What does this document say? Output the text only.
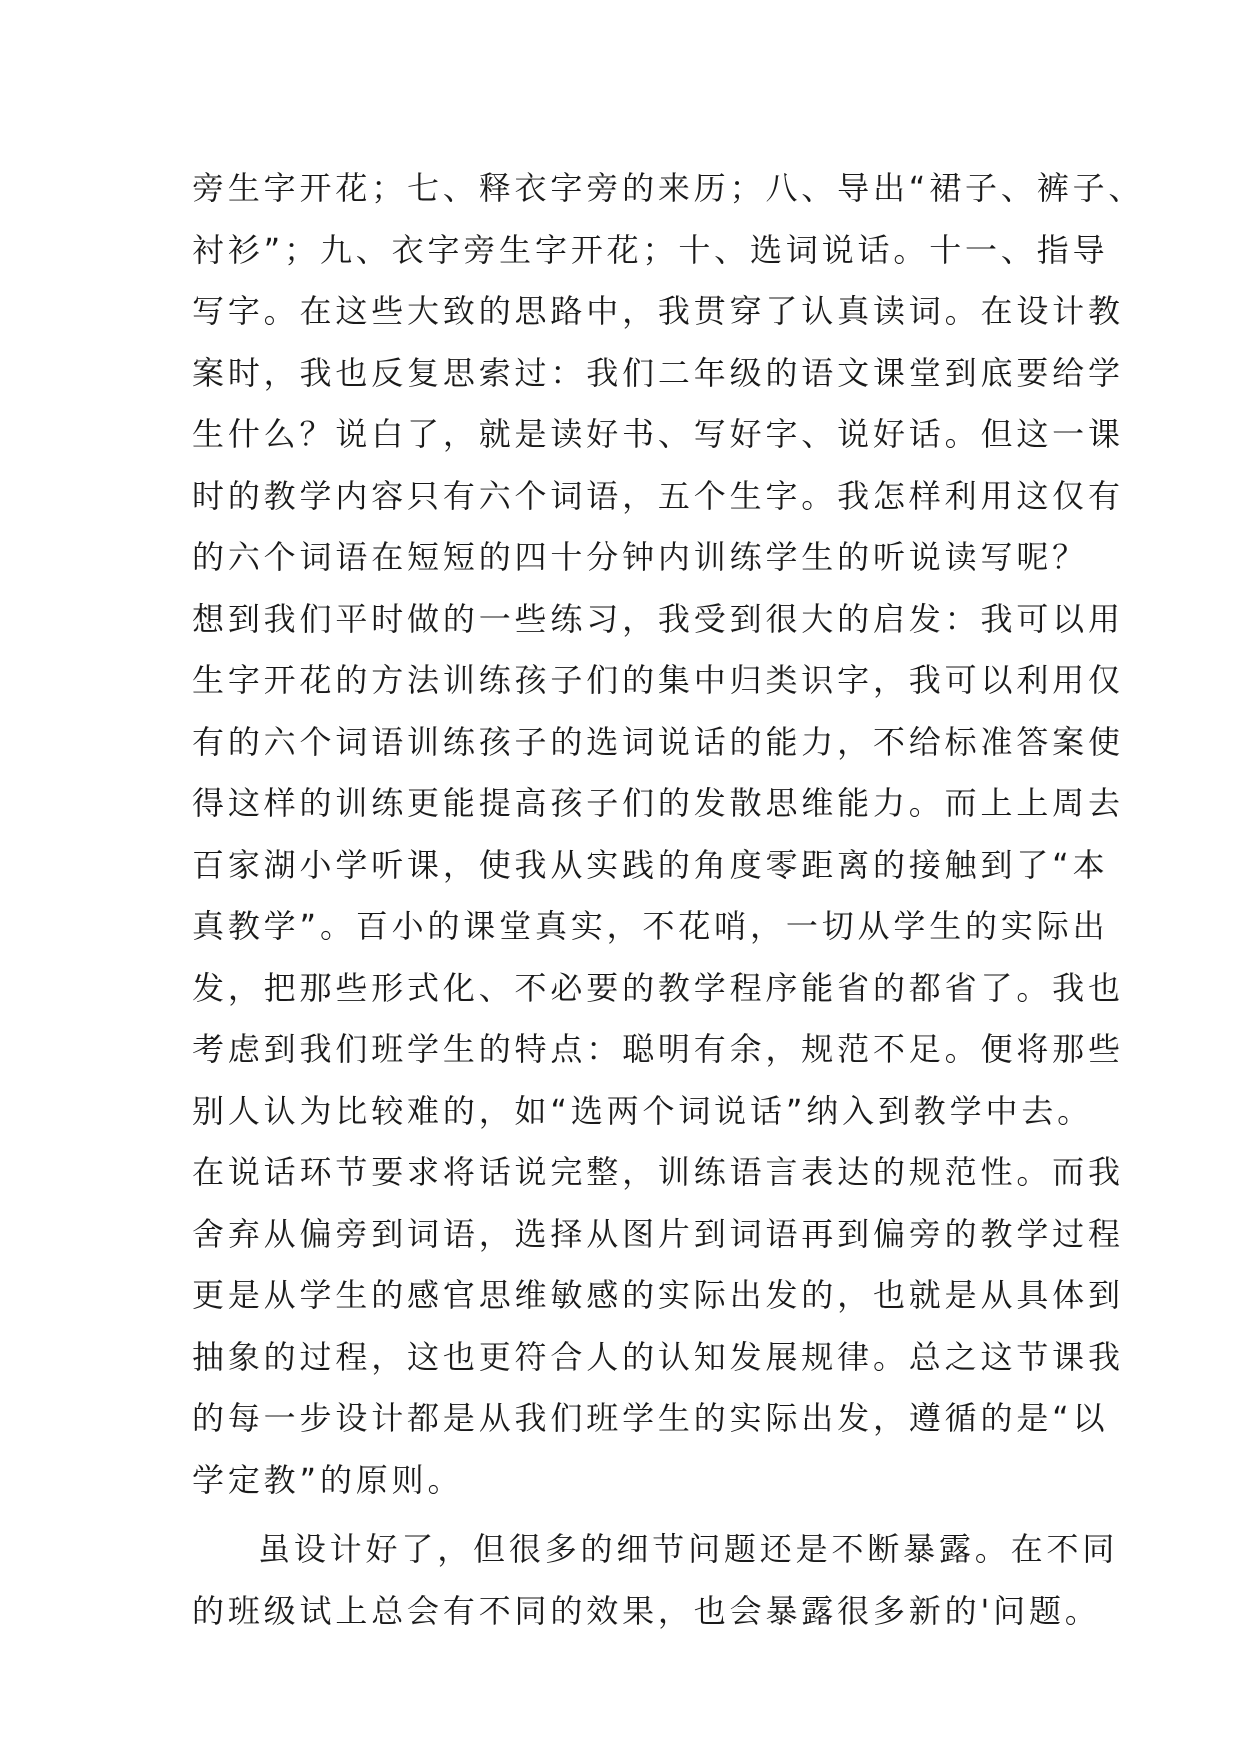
旁生字开花；七、释衣字旁的来历；八、导出“裙子、裤子、
衬衫”；九、衣字旁生字开花；十、选词说话。十一、指导
写字。在这些大致的思路中，我贯穿了认真读词。在设计教
案时，我也反复思索过：我们二年级的语文课堂到底要给学
生什么？说白了，就是读好书、写好字、说好话。但这一课
时的教学内容只有六个词语，五个生字。我怎样利用这仅有
的六个词语在短短的四十分钟内训练学生的听说读写呢？
想到我们平时做的一些练习，我受到很大的启发：我可以用
生字开花的方法训练孩子们的集中归类识字，我可以利用仅
有的六个词语训练孩子的选词说话的能力，不给标准答案使
得这样的训练更能提高孩子们的发散思维能力。而上上周去
百家湖小学听课，使我从实践的角度零距离的接触到了“本
真教学”。百小的课堂真实，不花哨，一切从学生的实际出
发，把那些形式化、不必要的教学程序能省的都省了。我也
考虑到我们班学生的特点：聪明有余，规范不足。便将那些
别人认为比较难的，如“选两个词说话”纳入到教学中去。
在说话环节要求将话说完整，训练语言表达的规范性。而我
舍弃从偏旁到词语，选择从图片到词语再到偏旁的教学过程
更是从学生的感官思维敏感的实际出发的，也就是从具体到
抽象的过程，这也更符合人的认知发展规律。总之这节课我
的每一步设计都是从我们班学生的实际出发，遵循的是“以
学定教”的原则。
虽设计好了，但很多的细节问题还是不断暴露。在不同
的班级试上总会有不同的效果，也会暴露很多新的'问题。
